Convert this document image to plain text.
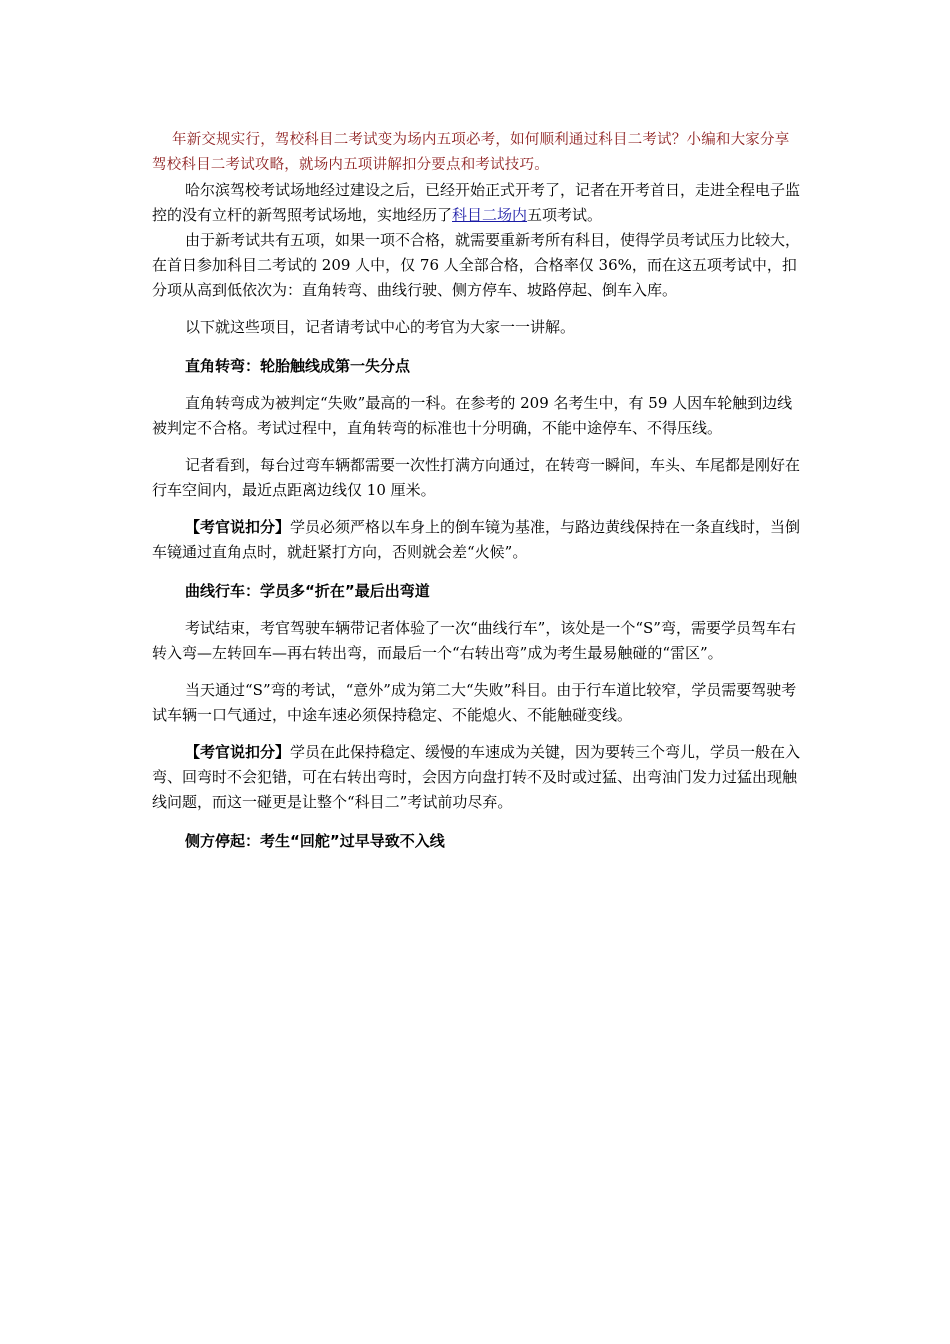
年新交规实行，驾校科目二考试变为场内五项必考，如何顺利通过科目二考试？小编和大家分享驾校科目二考试攻略，就场内五项讲解扣分要点和考试技巧。

哈尔滨驾校考试场地经过建设之后，已经开始正式开考了，记者在开考首日，走进全程电子监控的没有立杆的新驾照考试场地，实地经历了科目二场内五项考试。

由于新考试共有五项，如果一项不合格，就需要重新考所有科目，使得学员考试压力比较大，在首日参加科目二考试的 209 人中，仅 76 人全部合格，合格率仅 36%，而在这五项考试中，扣分项从高到低依次为：直角转弯、曲线行驶、侧方停车、坡路停起、倒车入库。

以下就这些项目，记者请考试中心的考官为大家一一讲解。

直角转弯：轮胎触线成第一失分点

直角转弯成为被判定“失败”最高的一科。在参考的 209 名考生中，有 59 人因车轮触到边线被判定不合格。考试过程中，直角转弯的标准也十分明确，不能中途停车、不得压线。

记者看到，每台过弯车辆都需要一次性打满方向通过，在转弯一瞬间，车头、车尾都是刚好在行车空间内，最近点距离边线仅 10 厘米。

【考官说扣分】学员必须严格以车身上的倒车镜为基准，与路边黄线保持在一条直线时，当倒车镜通过直角点时，就赶紧打方向，否则就会差“火候”。

曲线行车：学员多“折在”最后出弯道

考试结束，考官驾驶车辆带记者体验了一次“曲线行车”，该处是一个“S”弯，需要学员驾车右转入弯—左转回车—再右转出弯，而最后一个“右转出弯”成为考生最易触碰的“雷区”。

当天通过“S”弯的考试，“意外”成为第二大“失败”科目。由于行车道比较窄，学员需要驾驶考试车辆一口气通过，中途车速必须保持稳定、不能熄火、不能触碰变线。

【考官说扣分】学员在此保持稳定、缓慢的车速成为关键，因为要转三个弯儿，学员一般在入弯、回弯时不会犯错，可在右转出弯时，会因方向盘打转不及时或过猛、出弯油门发力过猛出现触线问题，而这一碰更是让整个“科目二”考试前功尽弃。

侧方停起：考生“回舵”过早导致不入线
